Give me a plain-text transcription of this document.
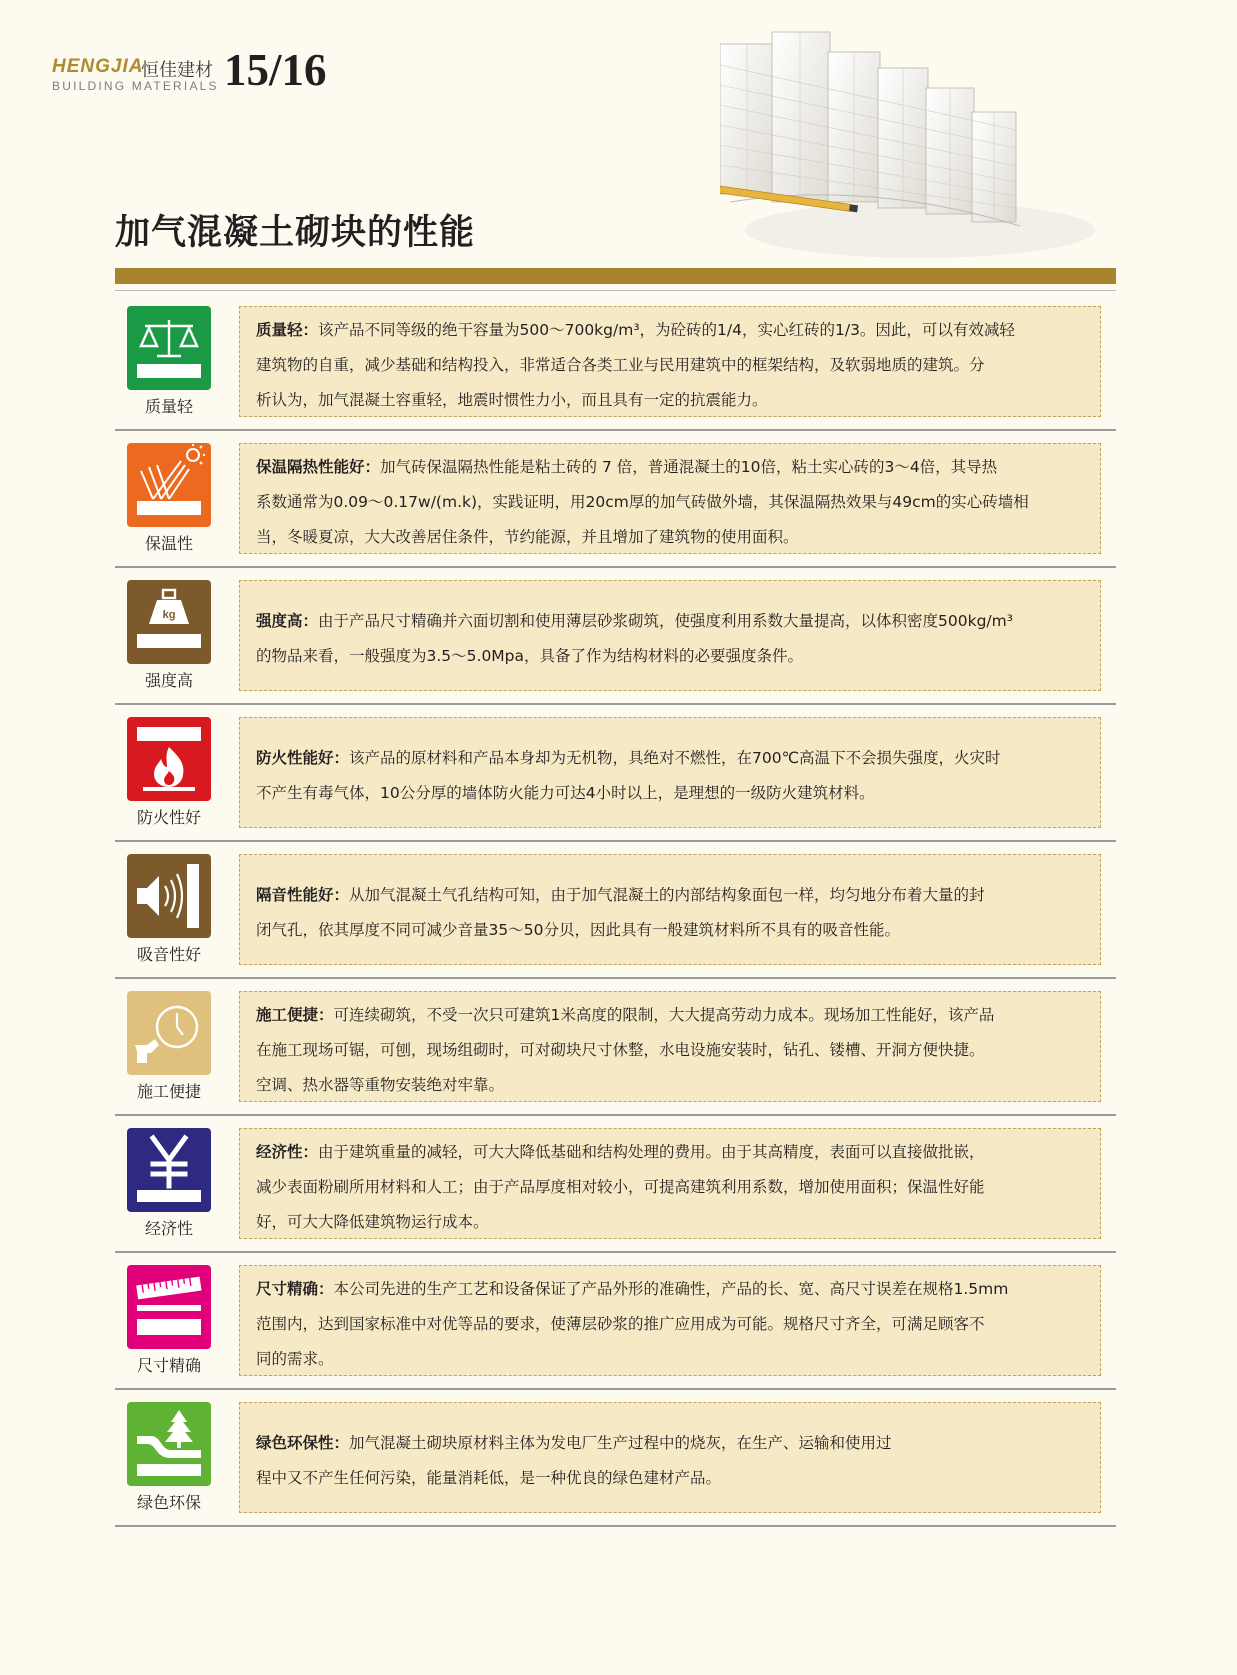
HENGJIA
恒佳建材
BUILDING MATERIALS 15/16
加气混凝土砌块的性能
质量轻
质量轻：该产品不同等级的绝干容量为500～700kg/m³，为砼砖的1/4，实心红砖的1/3。因此，可以有效减轻
建筑物的自重，减少基础和结构投入，非常适合各类工业与民用建筑中的框架结构，及软弱地质的建筑。分
析认为，加气混凝土容重轻，地震时惯性力小，而且具有一定的抗震能力。
保温性
保温隔热性能好：加气砖保温隔热性能是粘土砖的 7 倍，普通混凝土的10倍，粘土实心砖的3～4倍，其导热
系数通常为0.09～0.17w/(m.k)，实践证明，用20cm厚的加气砖做外墙，其保温隔热效果与49cm的实心砖墙相
当，冬暖夏凉，大大改善居住条件，节约能源，并且增加了建筑物的使用面积。
kg
强度高
强度高：由于产品尺寸精确并六面切割和使用薄层砂浆砌筑，使强度利用系数大量提高，以体积密度500kg/m³
的物品来看，一般强度为3.5～5.0Mpa，具备了作为结构材料的必要强度条件。
防火性好
防火性能好：该产品的原材料和产品本身却为无机物，具绝对不燃性，在700℃高温下不会损失强度，火灾时
不产生有毒气体，10公分厚的墙体防火能力可达4小时以上，是理想的一级防火建筑材料。
吸音性好
隔音性能好：从加气混凝土气孔结构可知，由于加气混凝土的内部结构象面包一样，均匀地分布着大量的封
闭气孔，依其厚度不同可减少音量35～50分贝，因此具有一般建筑材料所不具有的吸音性能。
施工便捷
施工便捷：可连续砌筑，不受一次只可建筑1米高度的限制，大大提高劳动力成本。现场加工性能好，该产品
在施工现场可锯，可刨，现场组砌时，可对砌块尺寸休整，水电设施安装时，钻孔、镂槽、开洞方便快捷。
空调、热水器等重物安装绝对牢靠。
经济性
经济性：由于建筑重量的减轻，可大大降低基础和结构处理的费用。由于其高精度，表面可以直接做批嵌，
减少表面粉刷所用材料和人工；由于产品厚度相对较小，可提高建筑利用系数，增加使用面积；保温性好能
好，可大大降低建筑物运行成本。
尺寸精确
尺寸精确：本公司先进的生产工艺和设备保证了产品外形的准确性，产品的长、宽、高尺寸误差在规格1.5mm
范围内，达到国家标准中对优等品的要求，使薄层砂浆的推广应用成为可能。规格尺寸齐全，可满足顾客不
同的需求。
绿色环保
绿色环保性：加气混凝土砌块原材料主体为发电厂生产过程中的烧灰，在生产、运输和使用过
程中又不产生任何污染，能量消耗低，是一种优良的绿色建材产品。
